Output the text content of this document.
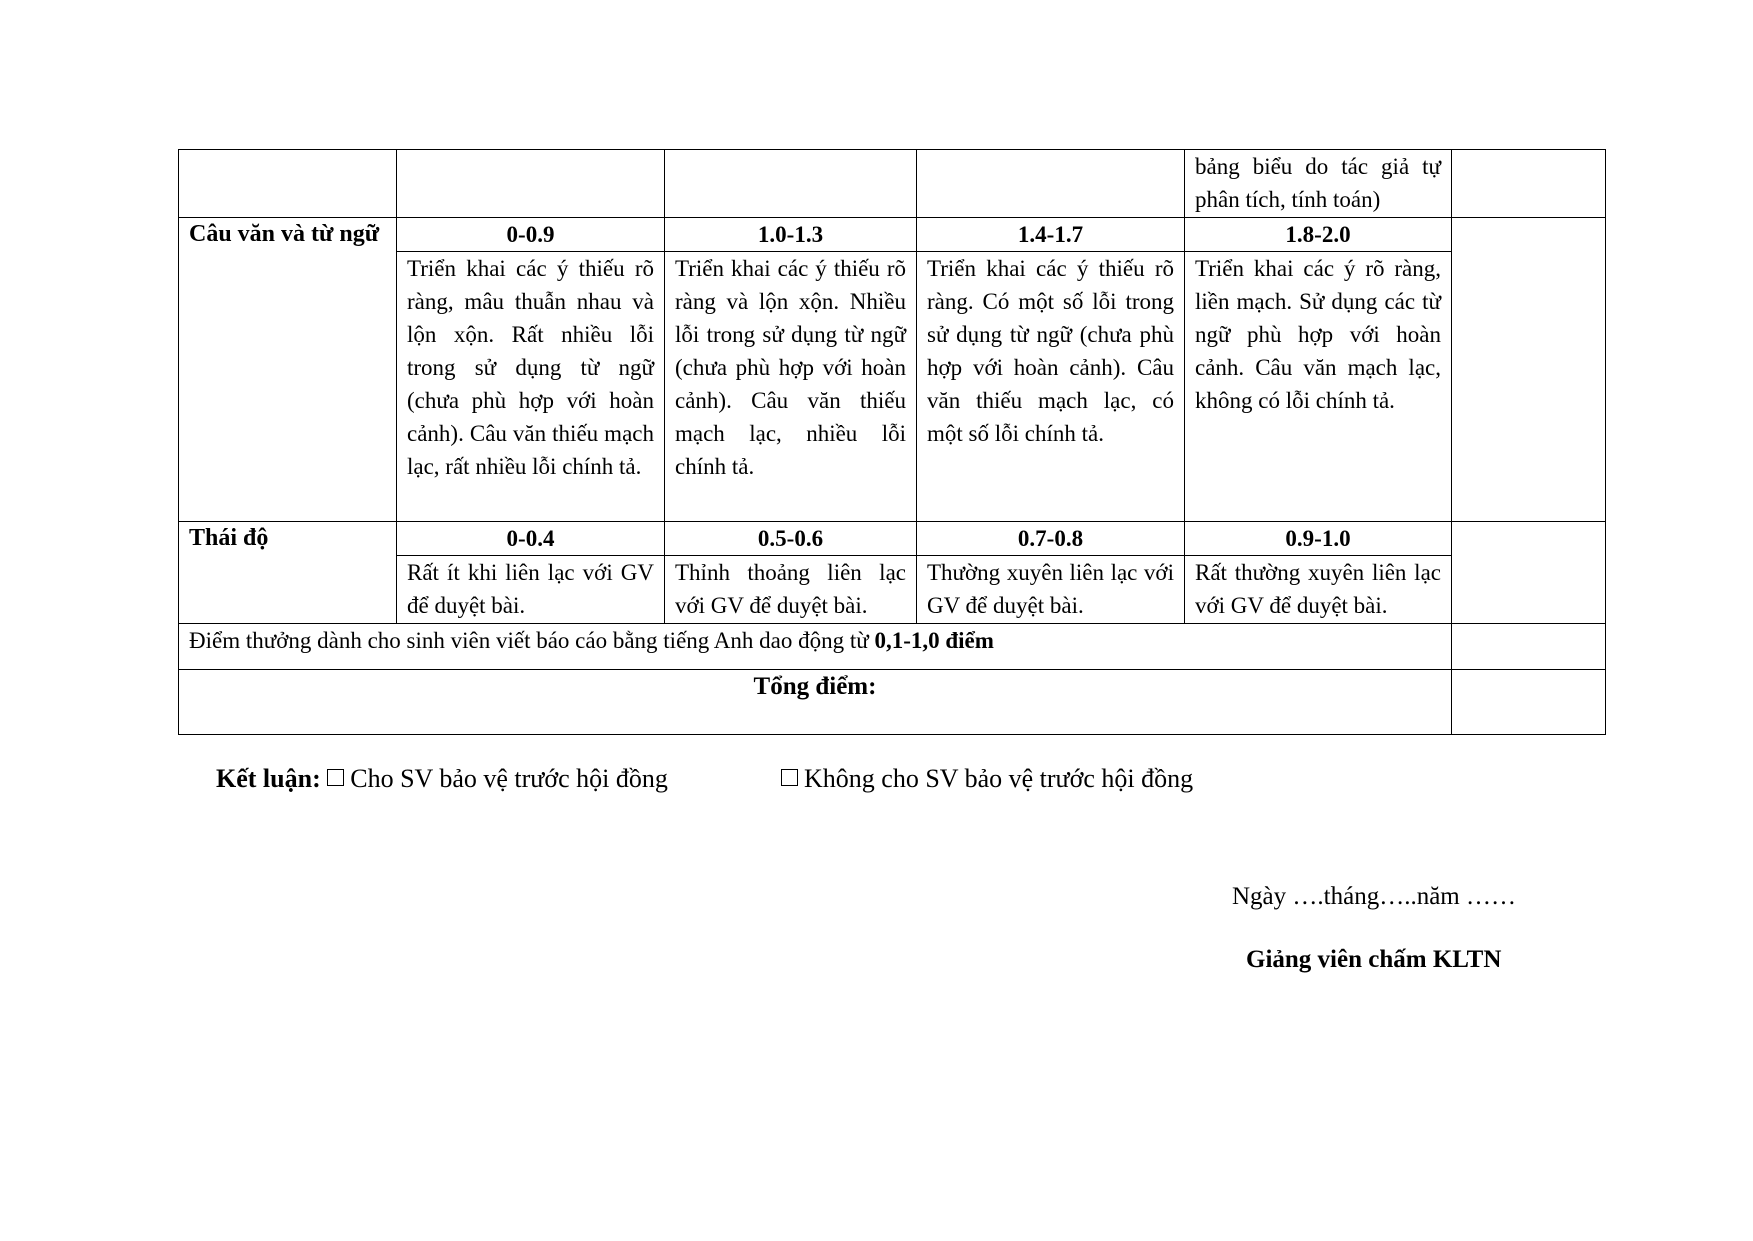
				bảng biểu do tác giả tự phân tích, tính toán)	
Câu văn và từ ngữ	0-0.9	1.0-1.3	1.4-1.7	1.8-2.0	
	Triển khai các ý thiếu rõ ràng, mâu thuẫn nhau và lộn xộn. Rất nhiều lỗi trong sử dụng từ ngữ (chưa phù hợp với hoàn cảnh). Câu văn thiếu mạch lạc, rất nhiều lỗi chính tả.	Triển khai các ý thiếu rõ ràng và lộn xộn. Nhiều lỗi trong sử dụng từ ngữ (chưa phù hợp với hoàn cảnh). Câu văn thiếu mạch lạc, nhiều lỗi chính tả.	Triển khai các ý thiếu rõ ràng. Có một số lỗi trong sử dụng từ ngữ (chưa phù hợp với hoàn cảnh). Câu văn thiếu mạch lạc, có một số lỗi chính tả.	Triển khai các ý rõ ràng, liền mạch. Sử dụng các từ ngữ phù hợp với hoàn cảnh. Câu văn mạch lạc, không có lỗi chính tả.	
Thái độ	0-0.4	0.5-0.6	0.7-0.8	0.9-1.0	
	Rất ít khi liên lạc với GV để duyệt bài.	Thỉnh thoảng liên lạc với GV để duyệt bài.	Thường xuyên liên lạc với GV để duyệt bài.	Rất thường xuyên liên lạc với GV để duyệt bài.	
Điểm thưởng dành cho sinh viên viết báo cáo bằng tiếng Anh dao động từ 0,1-1,0 điểm					
Tổng điểm:					
Kết luận: Cho SV bảo vệ trước hội đồng	Không cho SV bảo vệ trước hội đồng
Ngày ….tháng…..năm ……
Giảng viên chấm KLTN
